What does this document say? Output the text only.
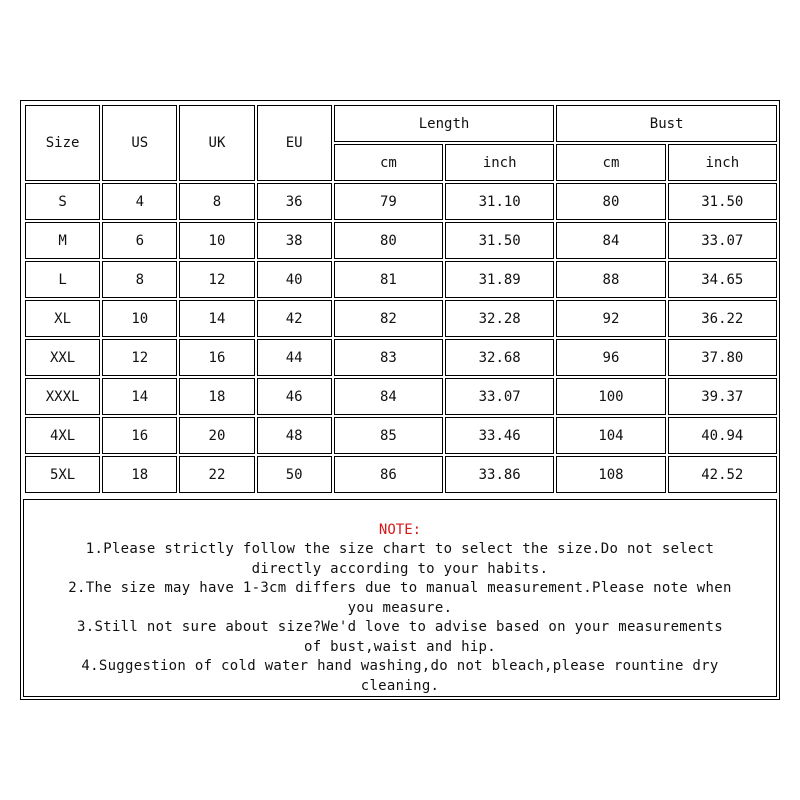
Size	US	UK	EU	Length		Bust	
				cm	inch	cm	inch
S	4	8	36	79	31.10	80	31.50
M	6	10	38	80	31.50	84	33.07
L	8	12	40	81	31.89	88	34.65
XL	10	14	42	82	32.28	92	36.22
XXL	12	16	44	83	32.68	96	37.80
XXXL	14	18	46	84	33.07	100	39.37
4XL	16	20	48	85	33.46	104	40.94
5XL	18	22	50	86	33.86	108	42.52
NOTE:
1.Please strictly follow the size chart to select the size.Do not select directly according to your habits.
2.The size may have 1-3cm differs due to manual measurement.Please note when you measure.
3.Still not sure about size?We'd love to advise based on your measurements of bust,waist and hip.
4.Suggestion of cold water hand washing,do not bleach,please rountine dry cleaning.
